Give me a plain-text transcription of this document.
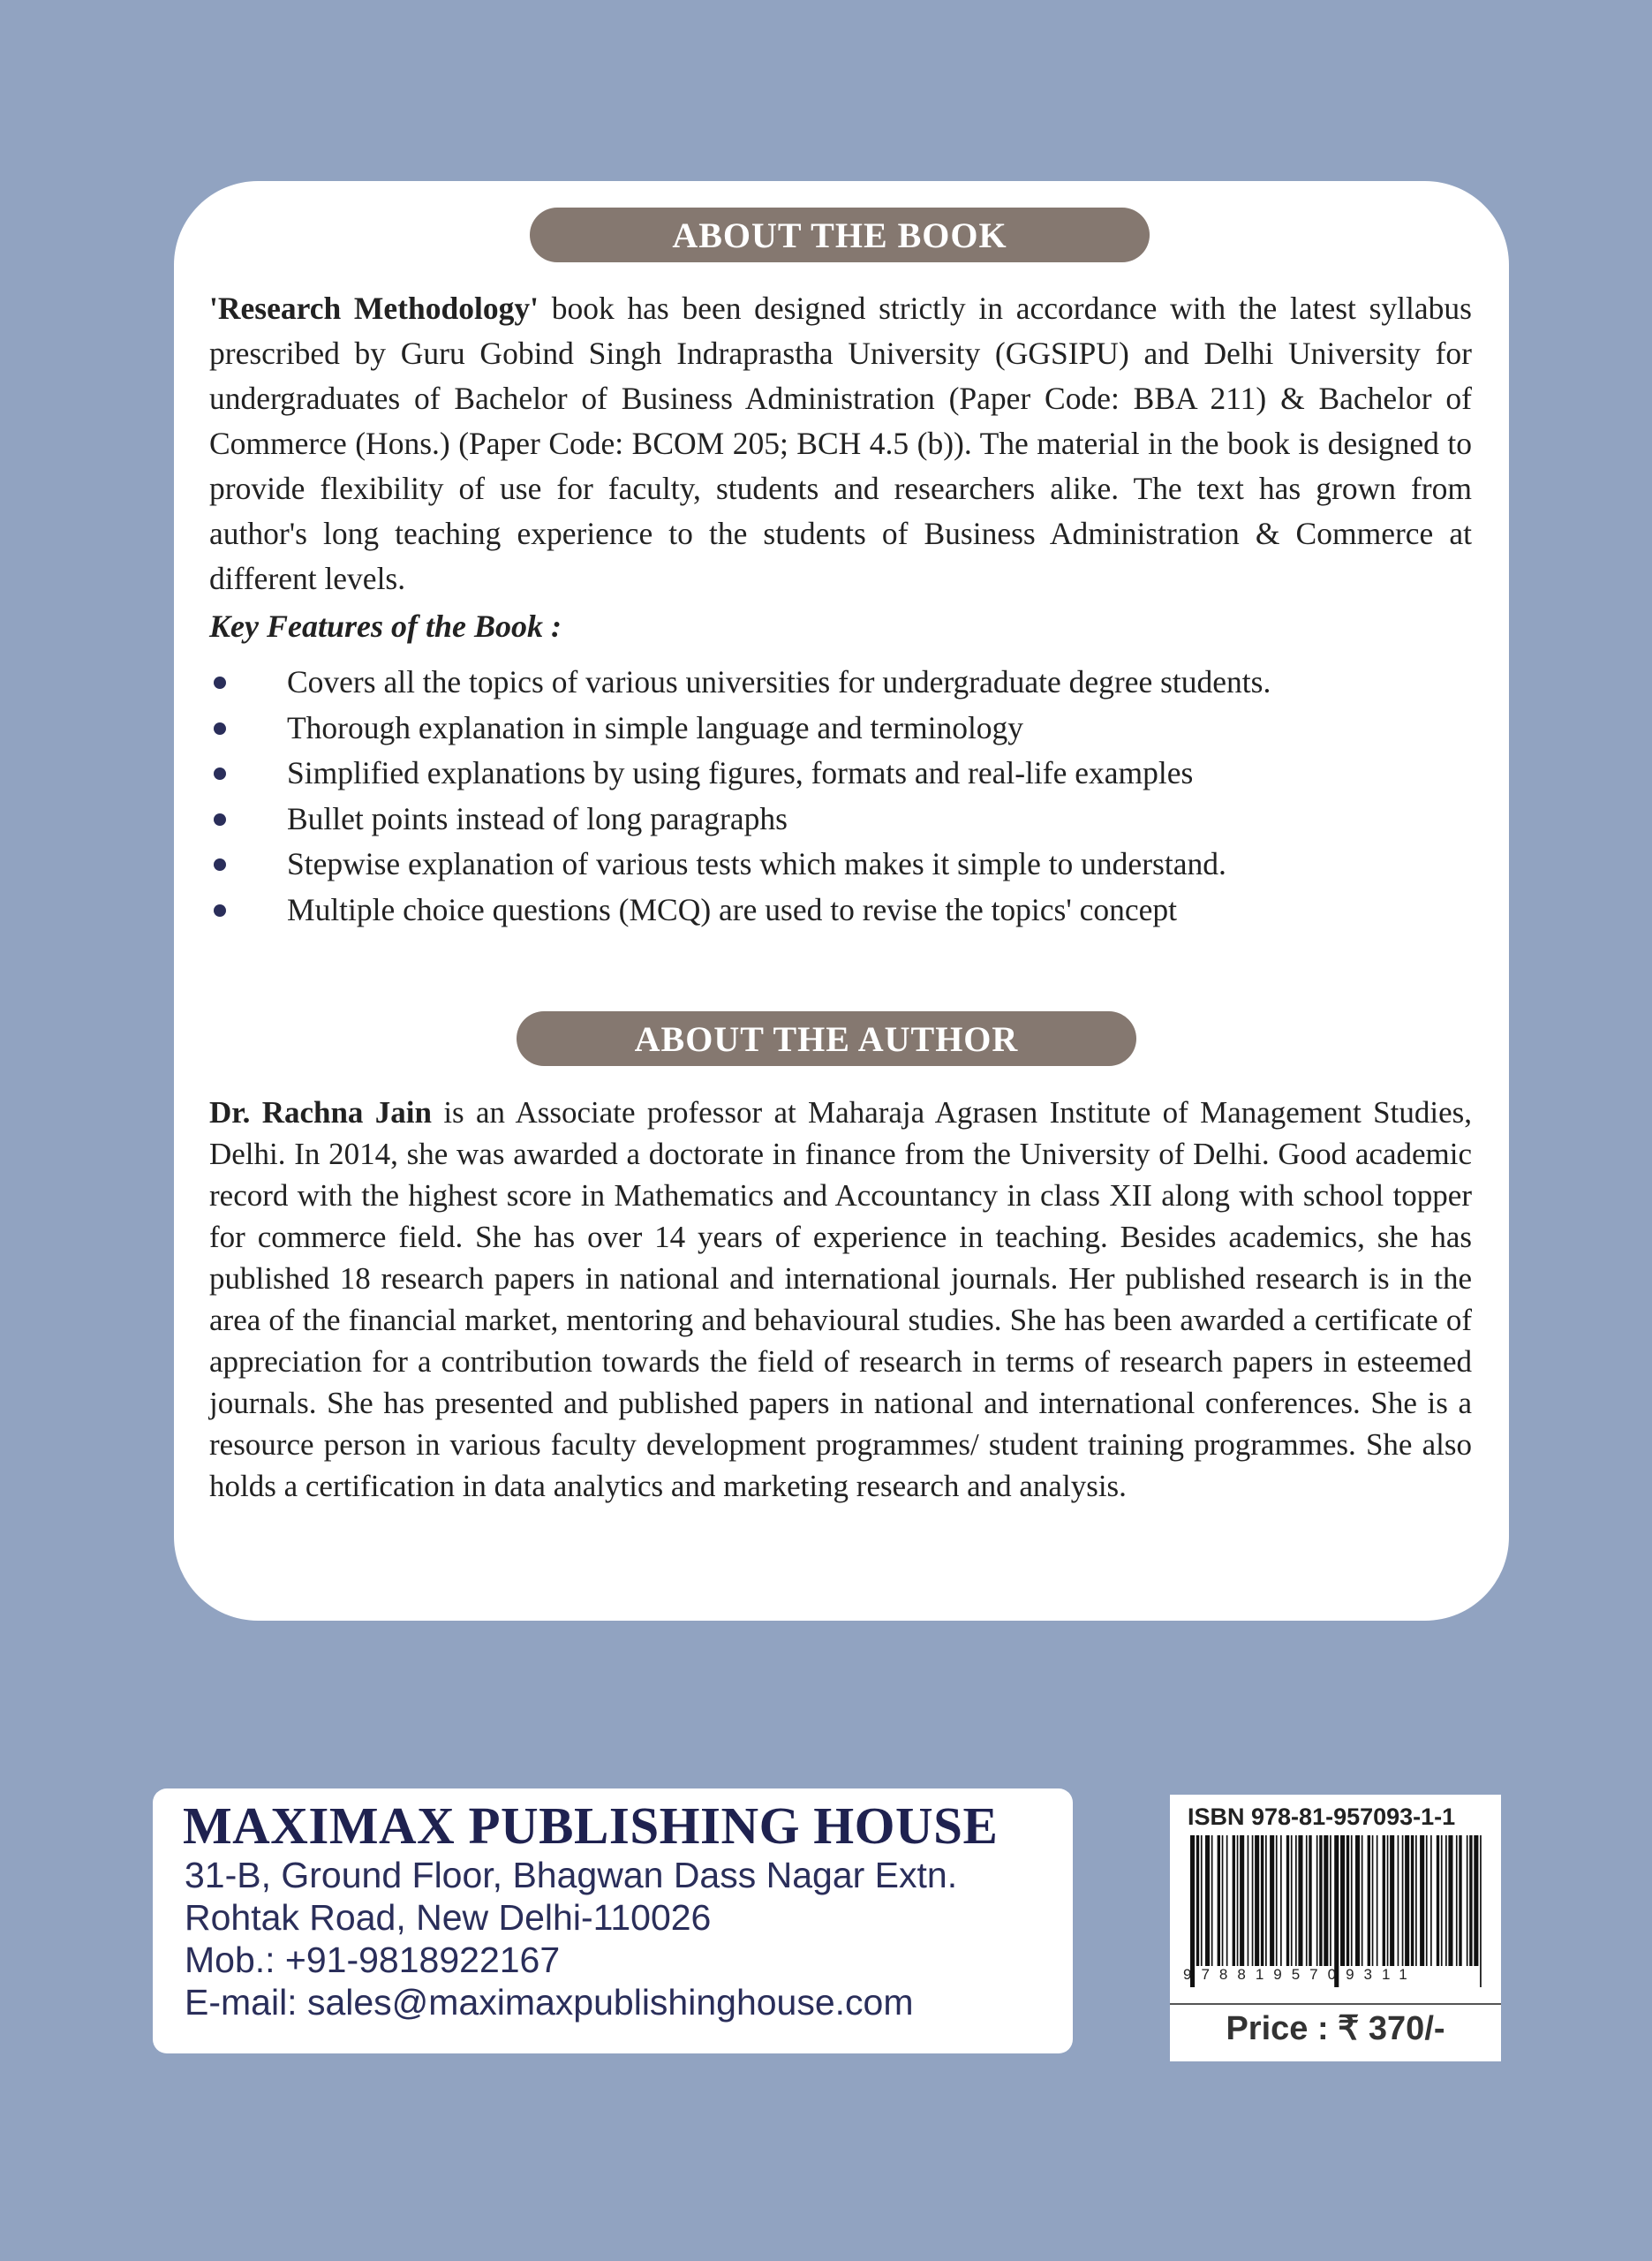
ABOUT THE BOOK

'Research Methodology' book has been designed strictly in accordance with the latest syllabus prescribed by Guru Gobind Singh Indraprastha University (GGSIPU) and Delhi University for undergraduates of Bachelor of Business Administration (Paper Code: BBA 211) & Bachelor of Commerce (Hons.) (Paper Code: BCOM 205; BCH 4.5 (b)). The material in the book is designed to provide flexibility of use for faculty, students and researchers alike. The text has grown from author's long teaching experience to the students of Business Administration & Commerce at different levels.

Key Features of the Book :

Covers all the topics of various universities for undergraduate degree students.
Thorough explanation in simple language and terminology
Simplified explanations by using figures, formats and real-life examples
Bullet points instead of long paragraphs
Stepwise explanation of various tests which makes it simple to understand.
Multiple choice questions (MCQ) are used to revise the topics' concept
ABOUT THE AUTHOR

Dr. Rachna Jain is an Associate professor at Maharaja Agrasen Institute of Management Studies, Delhi. In 2014, she was awarded a doctorate in finance from the University of Delhi. Good academic record with the highest score in Mathematics and Accountancy in class XII along with school topper for commerce field. She has over 14 years of experience in teaching. Besides academics, she has published 18 research papers in national and international journals. Her published research is in the area of the financial market, mentoring and behavioural studies. She has been awarded a certificate of appreciation for a contribution towards the field of research in terms of research papers in esteemed journals. She has presented and published papers in national and international conferences. She is a resource person in various faculty development programmes/ student training programmes. She also holds a certification in data analytics and marketing research and analysis.

MAXIMAX PUBLISHING HOUSE

31-B, Ground Floor, Bhagwan Dass Nagar Extn.

Rohtak Road, New Delhi-110026

Mob.: +91-9818922167

E-mail: sales@maximaxpublishinghouse.com

ISBN 978-81-957093-1-1

9788195709311

Price : ₹ 370/-
